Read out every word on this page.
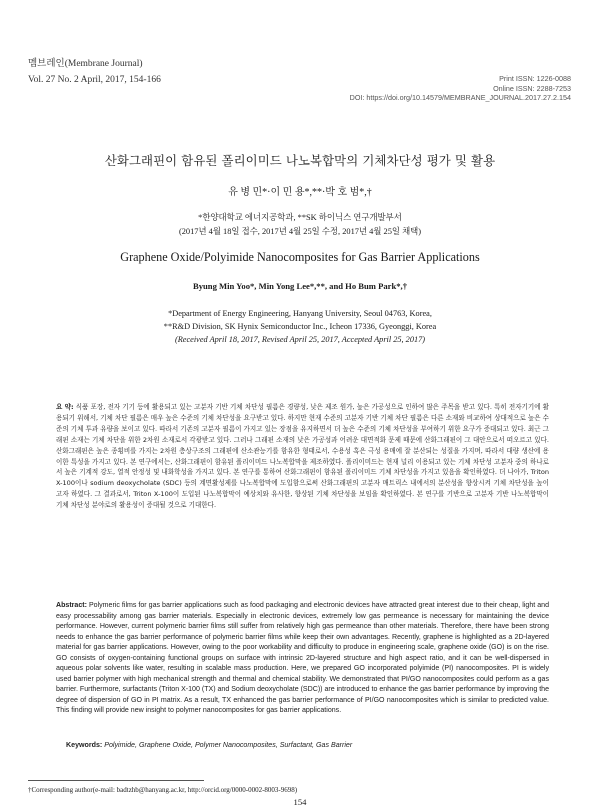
멤브레인(Membrane Journal)
Vol. 27 No. 2 April, 2017, 154-166	Print ISSN: 1226-0088
Online ISSN: 2288-7253
DOI: https://doi.org/10.14579/MEMBRANE_JOURNAL.2017.27.2.154
산화그래핀이 함유된 폴리이미드 나노복합막의 기체차단성 평가 및 활용
유 병 민*·이 민 용*,**·박 호 범*,†
*한양대학교 에너지공학과, **SK 하이닉스 연구개발부서
(2017년 4월 18일 접수, 2017년 4월 25일 수정, 2017년 4월 25일 채택)
Graphene Oxide/Polyimide Nanocomposites for Gas Barrier Applications
Byung Min Yoo*, Min Yong Lee*,**, and Ho Bum Park*,†
*Department of Energy Engineering, Hanyang University, Seoul 04763, Korea,
**R&D Division, SK Hynix Semiconductor Inc., Icheon 17336, Gyeonggi, Korea
(Received April 18, 2017, Revised April 25, 2017, Accepted April 25, 2017)
요 약: 식품 포장, 전자 기기 등에 활용되고 있는 고분자 기반 기체 차단성 필름은 경량성, 낮은 제조 원가, 높은 가공성으로 인하여 많은 주목을 받고 있다. 특히 전자기기에 활용되기 위해서, 기체 차단 필름은 매우 높은 수준의 기체 차단성을 요구받고 있다. 하지만 현재 수준의 고분자 기반 기체 차단 필름은 다른 소재와 비교하여 상대적으로 높은 수준의 기체 투과 유량을 보이고 있다. 따라서 기존의 고분자 필름이 가지고 있는 장점을 유지하면서 더 높은 수준의 기체 차단성을 부여하기 위한 요구가 증대되고 있다. 최근 그래핀 소재는 기체 차단을 위한 2차원 소재로서 각광받고 있다. 그러나 그래핀 소재의 낮은 가공성과 어려운 대면적화 문제 때문에 산화그래핀이 그 대안으로서 떠오르고 있다. 산화그래핀은 높은 종횡비를 가지는 2차원 층상구조의 그래핀에 산소관능기를 함유한 형태로서, 수용성 혹은 극성 용매에 잘 분산되는 성질을 가지며, 따라서 대량 생산에 용이한 특성을 가지고 있다. 본 연구에서는, 산화그래핀이 함유된 폴리이미드 나노복합막을 제조하였다. 폴리이미드는 현재 널리 이용되고 있는 기체 차단성 고분자 중의 하나로서 높은 기계적 강도, 열적 안정성 및 내화학성을 가지고 있다. 본 연구를 통하여 산화그래핀이 함유된 폴리이미드 기체 차단성을 가지고 있음을 확인하였다. 더 나아가, Triton X-100이나 sodium deoxycholate (SDC) 등의 계면활성제를 나노복합막에 도입함으로써 산화그래핀의 고분자 매트릭스 내에서의 분산성을 향상시켜 기체 차단성을 높이고자 하였다. 그 결과로서, Triton X-100이 도입된 나노복합막이 예상치와 유사한, 향상된 기체 차단성을 보임을 확인하였다. 본 연구를 기반으로 고분자 기반 나노복합막이 기체 차단성 분야로의 활용성이 증대될 것으로 기대한다.
Abstract: Polymeric films for gas barrier applications such as food packaging and electronic devices have attracted great interest due to their cheap, light and easy processability among gas barrier materials. Especially in electronic devices, extremely low gas permeance is necessary for maintaining the device performance. However, current polymeric barrier films still suffer from relatively high gas permeance than other materials. Therefore, there have been strong needs to enhance the gas barrier performance of polymeric barrier films while keep their own advantages. Recently, graphene is highlighted as a 2D-layered material for gas barrier applications. However, owing to the poor workability and difficulty to produce in engineering scale, graphene oxide (GO) is on the rise. GO consists of oxygen-containing functional groups on surface with intrinsic 2D-layered structure and high aspect ratio, and it can be well-dispersed in aqueous polar solvents like water, resulting in scalable mass production. Here, we prepared GO incorporated polyimide (PI) nanocomposites. PI is widely used barrier polymer with high mechanical strength and thermal and chemical stability. We demonstrated that PI/GO nanocomposites could perform as a gas barrier. Furthermore, surfactants (Triton X-100 (TX) and Sodium deoxycholate (SDC)) are introduced to enhance the gas barrier performance by improving the degree of dispersion of GO in PI matrix. As a result, TX enhanced the gas barrier performance of PI/GO nanocomposites which is similar to predicted value. This finding will provide new insight to polymer nanocomposites for gas barrier applications.
Keywords: Polyimide, Graphene Oxide, Polymer Nanocomposites, Surfactant, Gas Barrier
†Corresponding author(e-mail: badtzhb@hanyang.ac.kr, http://orcid.org/0000-0002-8003-9698)
154
